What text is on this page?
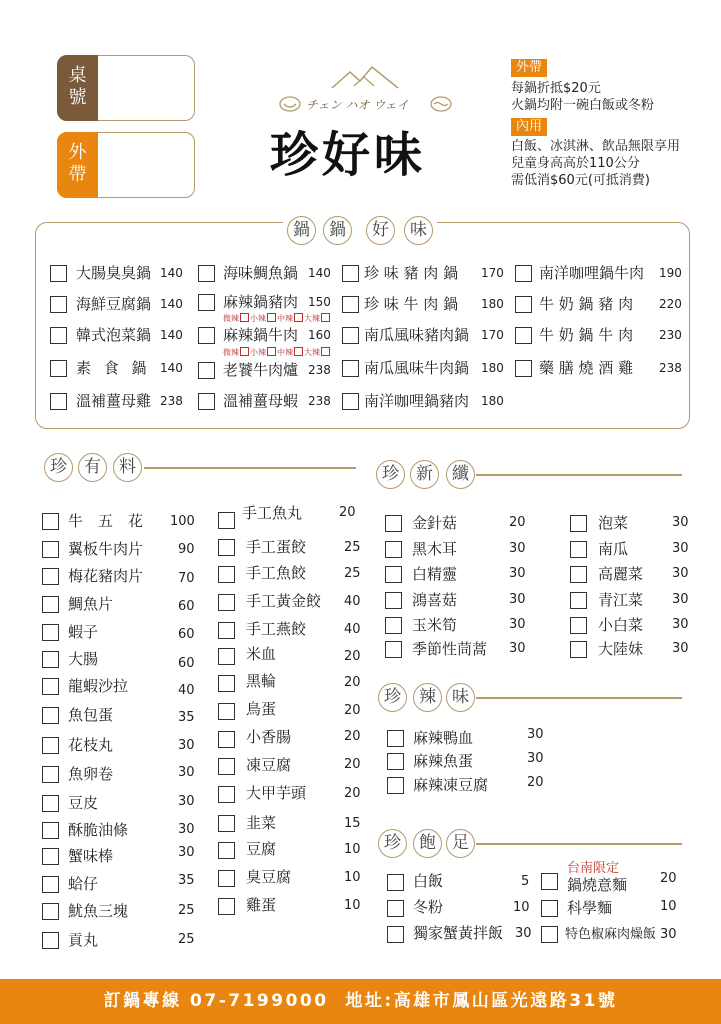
桌號
外帶
チェン ハオ ウェイ
珍好味
外帶
每鍋折抵$20元
火鍋均附一碗白飯或冬粉
內用
白飯、冰淇淋、飲品無限享用
兒童身高高於110公分
需低消$60元(可抵消費)
鍋	鍋	好	味
大腸臭臭鍋 140
海鮮豆腐鍋 140
韓式泡菜鍋 140
素 食 鍋 140
溫補薑母雞 238
海味鯛魚鍋 140
麻辣鍋豬肉 150
微辣 小辣 中辣 大辣
麻辣鍋牛肉 160
微辣 小辣 中辣 大辣
老饕牛肉爐 238
溫補薑母蝦 238
珍 味 豬 肉 鍋 170
珍 味 牛 肉 鍋 180
南瓜風味豬肉鍋 170
南瓜風味牛肉鍋 180
南洋咖哩鍋豬肉 180
南洋咖哩鍋牛肉 190
牛 奶 鍋 豬 肉 220
牛 奶 鍋 牛 肉 230
藥 膳 燒 酒 雞 238
珍	有	料
牛　五　花 100
翼板牛肉片	90
梅花豬肉片	70
鯛魚片	60
蝦子	60
大腸	60
龍蝦沙拉	40
魚包蛋	35
花枝丸	30
魚卵卷	30
豆皮	30
酥脆油條	30
蟹味棒	30
蛤仔	35
魷魚三塊	25
貢丸	25
手工魚丸	20
手工蛋餃	25
手工魚餃	25
手工黃金餃 40
手工燕餃	40
米血	20
黑輪	20
鳥蛋	20
小香腸	20
凍豆腐	20
大甲芋頭	20
韭菜	15
豆腐	10
臭豆腐	10
雞蛋	10
珍	新	纖
金針菇	20
黑木耳	30
白精靈	30
鴻喜菇	30
玉米筍	30
季節性茼蒿 30
泡菜	30
南瓜	30
高麗菜 30
青江菜 30
小白菜 30
大陸妹 30
珍	辣 味
麻辣鴨血	30
麻辣魚蛋	30
麻辣凍豆腐	20
珍	飽 足
白飯	5
冬粉	10
獨家蟹黃拌飯 30
台南限定
鍋燒意麵	20
科學麵	10
特色椒麻肉燥飯 30
訂鍋專線 07-7199000  地址:高雄市鳳山區光遠路31號
